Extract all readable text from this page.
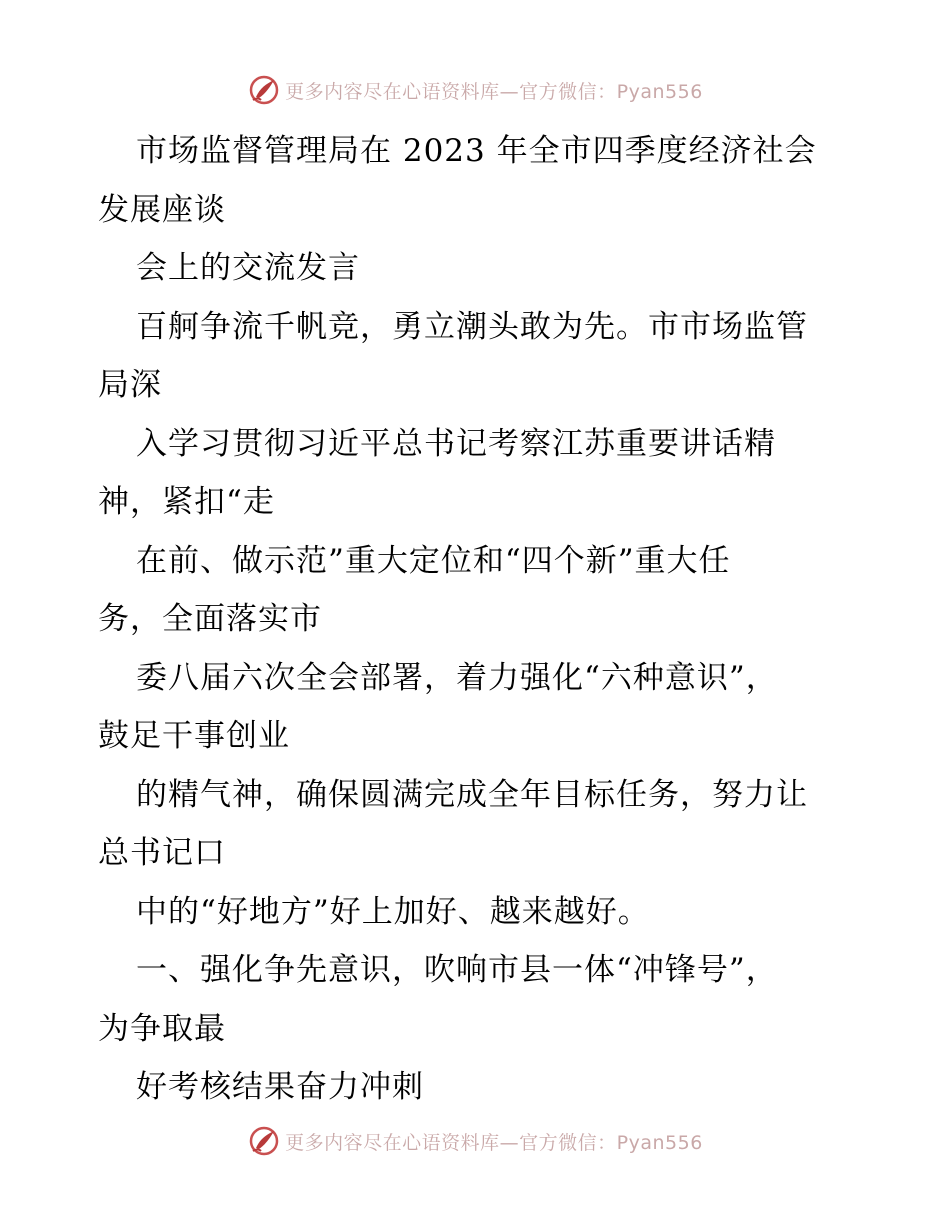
更多内容尽在心语资料库—官方微信：Pyan556
市场监督管理局在 2023 年全市四季度经济社会
发展座谈
会上的交流发言
百舸争流千帆竞，勇立潮头敢为先。市市场监管
局深
入学习贯彻习近平总书记考察江苏重要讲话精
神，紧扣“走
在前、做示范”重大定位和“四个新”重大任
务，全面落实市
委八届六次全会部署，着力强化“六种意识”，
鼓足干事创业
的精气神，确保圆满完成全年目标任务，努力让
总书记口
中的“好地方”好上加好、越来越好。
一、强化争先意识，吹响市县一体“冲锋号”，
为争取最
好考核结果奋力冲刺
更多内容尽在心语资料库—官方微信：Pyan556
